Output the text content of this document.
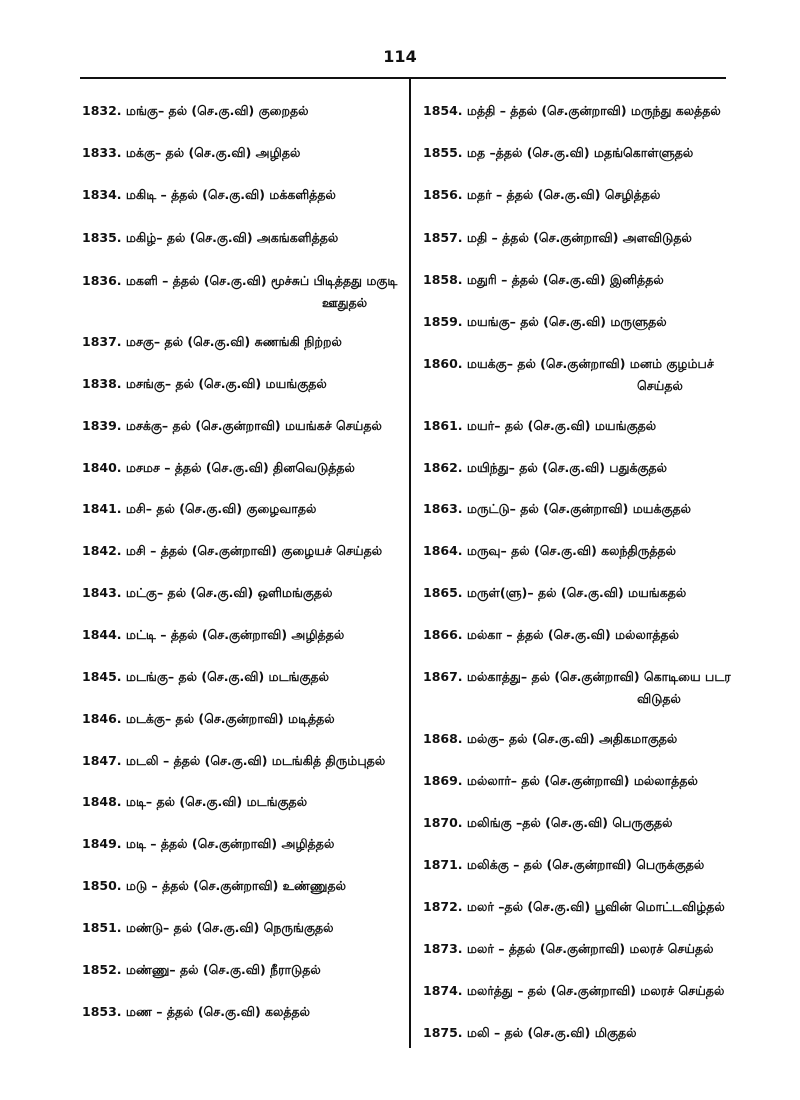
114
1832. மங்கு– தல் (செ.கு.வி) குறைதல்
1833. மக்கு– தல் (செ.கு.வி) அழிதல்
1834. மகிடி – த்தல் (செ.கு.வி) மக்களித்தல்
1835. மகிழ்– தல் (செ.கு.வி) அகங்களித்தல்
1836. மகளி – த்தல் (செ.கு.வி) மூச்சுப் பிடித்தது மகுடி
ஊதுதல்
1837. மசகு– தல் (செ.கு.வி) சுணங்கி நிற்றல்
1838. மசங்கு– தல் (செ.கு.வி) மயங்குதல்
1839. மசக்கு– தல் (செ.குன்றாவி) மயங்கச் செய்தல்
1840. மசமச – த்தல் (செ.கு.வி) தினவெடுத்தல்
1841. மசி– தல் (செ.கு.வி) குழைவாதல்
1842. மசி – த்தல் (செ.குன்றாவி) குழையச் செய்தல்
1843. மட்கு– தல் (செ.கு.வி) ஒளிமங்குதல்
1844. மட்டி – த்தல் (செ.குன்றாவி) அழித்தல்
1845. மடங்கு– தல் (செ.கு.வி) மடங்குதல்
1846. மடக்கு– தல் (செ.குன்றாவி) மடித்தல்
1847. மடலி – த்தல் (செ.கு.வி) மடங்கித் திரும்புதல்
1848. மடி– தல் (செ.கு.வி) மடங்குதல்
1849. மடி – த்தல் (செ.குன்றாவி) அழித்தல்
1850. மடு – த்தல் (செ.குன்றாவி) உண்ணுதல்
1851. மண்டு– தல் (செ.கு.வி) நெருங்குதல்
1852. மண்ணு– தல் (செ.கு.வி) நீராடுதல்
1853. மண – த்தல் (செ.கு.வி) கலத்தல்
1854. மத்தி – த்தல் (செ.குன்றாவி) மருந்து கலத்தல்
1855. மத –த்தல் (செ.கு.வி) மதங்கொள்ளுதல்
1856. மதர் – த்தல் (செ.கு.வி) செழித்தல்
1857. மதி – த்தல் (செ.குன்றாவி) அளவிடுதல்
1858. மதுரி – த்தல் (செ.கு.வி) இனித்தல்
1859. மயங்கு– தல் (செ.கு.வி) மருளுதல்
1860. மயக்கு– தல் (செ.குன்றாவி) மனம் குழம்பச்
செய்தல்
1861. மயர்– தல் (செ.கு.வி) மயங்குதல்
1862. மயிந்து– தல் (செ.கு.வி) பதுக்குதல்
1863. மருட்டு– தல் (செ.குன்றாவி) மயக்குதல்
1864. மருவு– தல் (செ.கு.வி) கலந்திருத்தல்
1865. மருள்(ளு)– தல் (செ.கு.வி) மயங்கதல்
1866. மல்கா – த்தல் (செ.கு.வி) மல்லாத்தல்
1867. மல்காத்து– தல் (செ.குன்றாவி) கொடியை படர
விடுதல்
1868. மல்கு– தல் (செ.கு.வி) அதிகமாகுதல்
1869. மல்லார்– தல் (செ.குன்றாவி) மல்லாத்தல்
1870. மலிங்கு –தல் (செ.கு.வி) பெருகுதல்
1871. மலிக்கு – தல் (செ.குன்றாவி) பெருக்குதல்
1872. மலர் –தல் (செ.கு.வி) பூவின் மொட்டவிழ்தல்
1873. மலர் – த்தல் (செ.குன்றாவி) மலரச் செய்தல்
1874. மலர்த்து – தல் (செ.குன்றாவி) மலரச் செய்தல்
1875. மலி – தல் (செ.கு.வி) மிகுதல்
